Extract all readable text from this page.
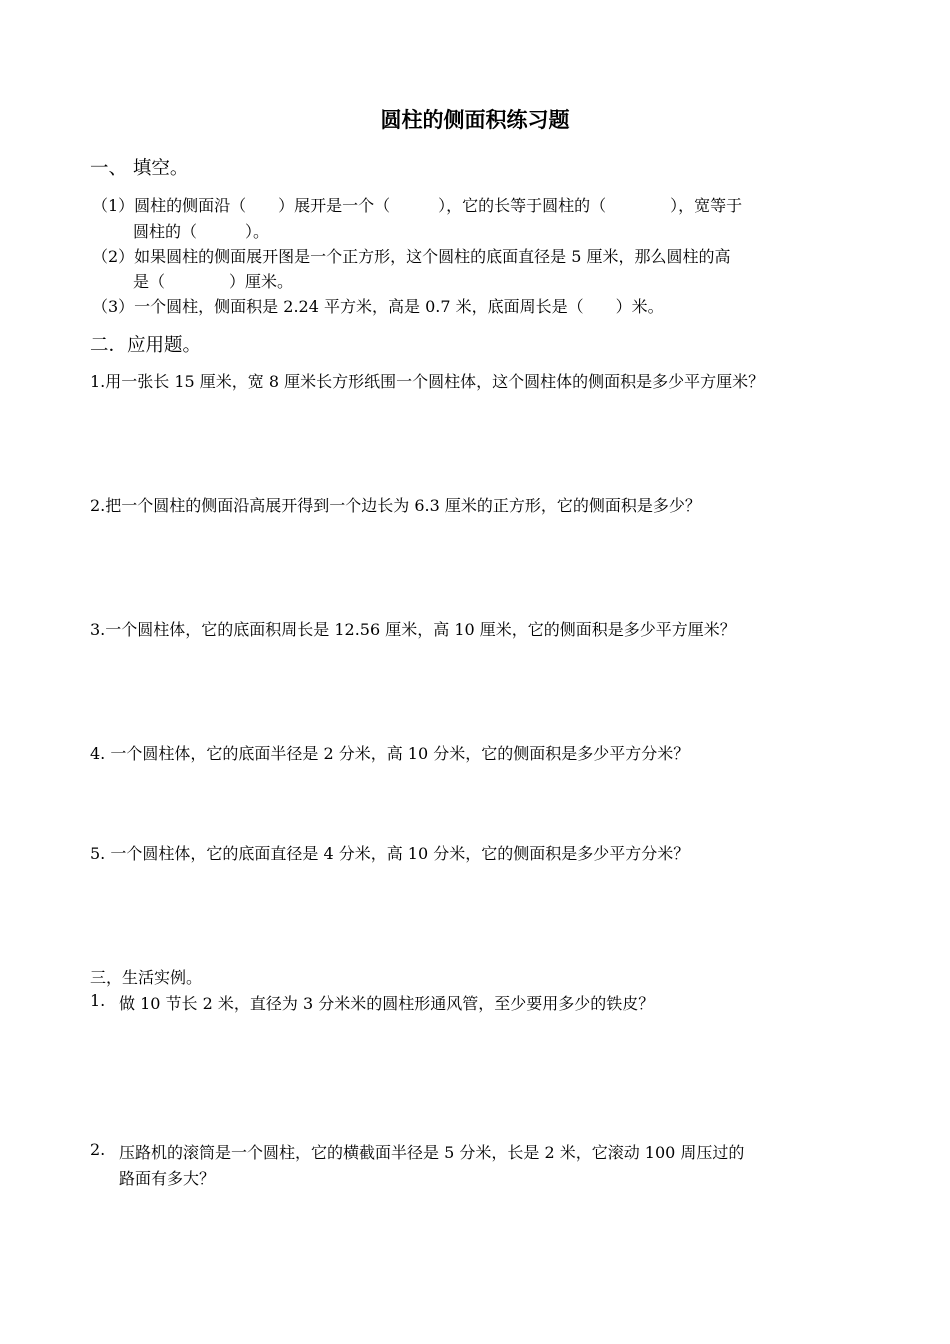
圆柱的侧面积练习题
一、 填空。
（1）圆柱的侧面沿（　　）展开是一个（　　　），它的长等于圆柱的（　　　　），宽等于
圆柱的（　　　）。
（2）如果圆柱的侧面展开图是一个正方形，这个圆柱的底面直径是 5 厘米，那么圆柱的高
是（　　　　）厘米。
（3）一个圆柱，侧面积是 2.24 平方米，高是 0.7 米，底面周长是（　　）米。
二．应用题。
1.用一张长 15 厘米，宽 8 厘米长方形纸围一个圆柱体，这个圆柱体的侧面积是多少平方厘米？
2.把一个圆柱的侧面沿高展开得到一个边长为 6.3 厘米的正方形，它的侧面积是多少？
3.一个圆柱体，它的底面积周长是 12.56 厘米，高 10 厘米，它的侧面积是多少平方厘米？
4. 一个圆柱体，它的底面半径是 2 分米，高 10 分米，它的侧面积是多少平方分米？
5. 一个圆柱体，它的底面直径是 4 分米，高 10 分米，它的侧面积是多少平方分米？
三，生活实例。
1. 做 10 节长 2 米，直径为 3 分米米的圆柱形通风管，至少要用多少的铁皮？
2. 压路机的滚筒是一个圆柱，它的横截面半径是 5 分米，长是 2 米，它滚动 100 周压过的
路面有多大？
